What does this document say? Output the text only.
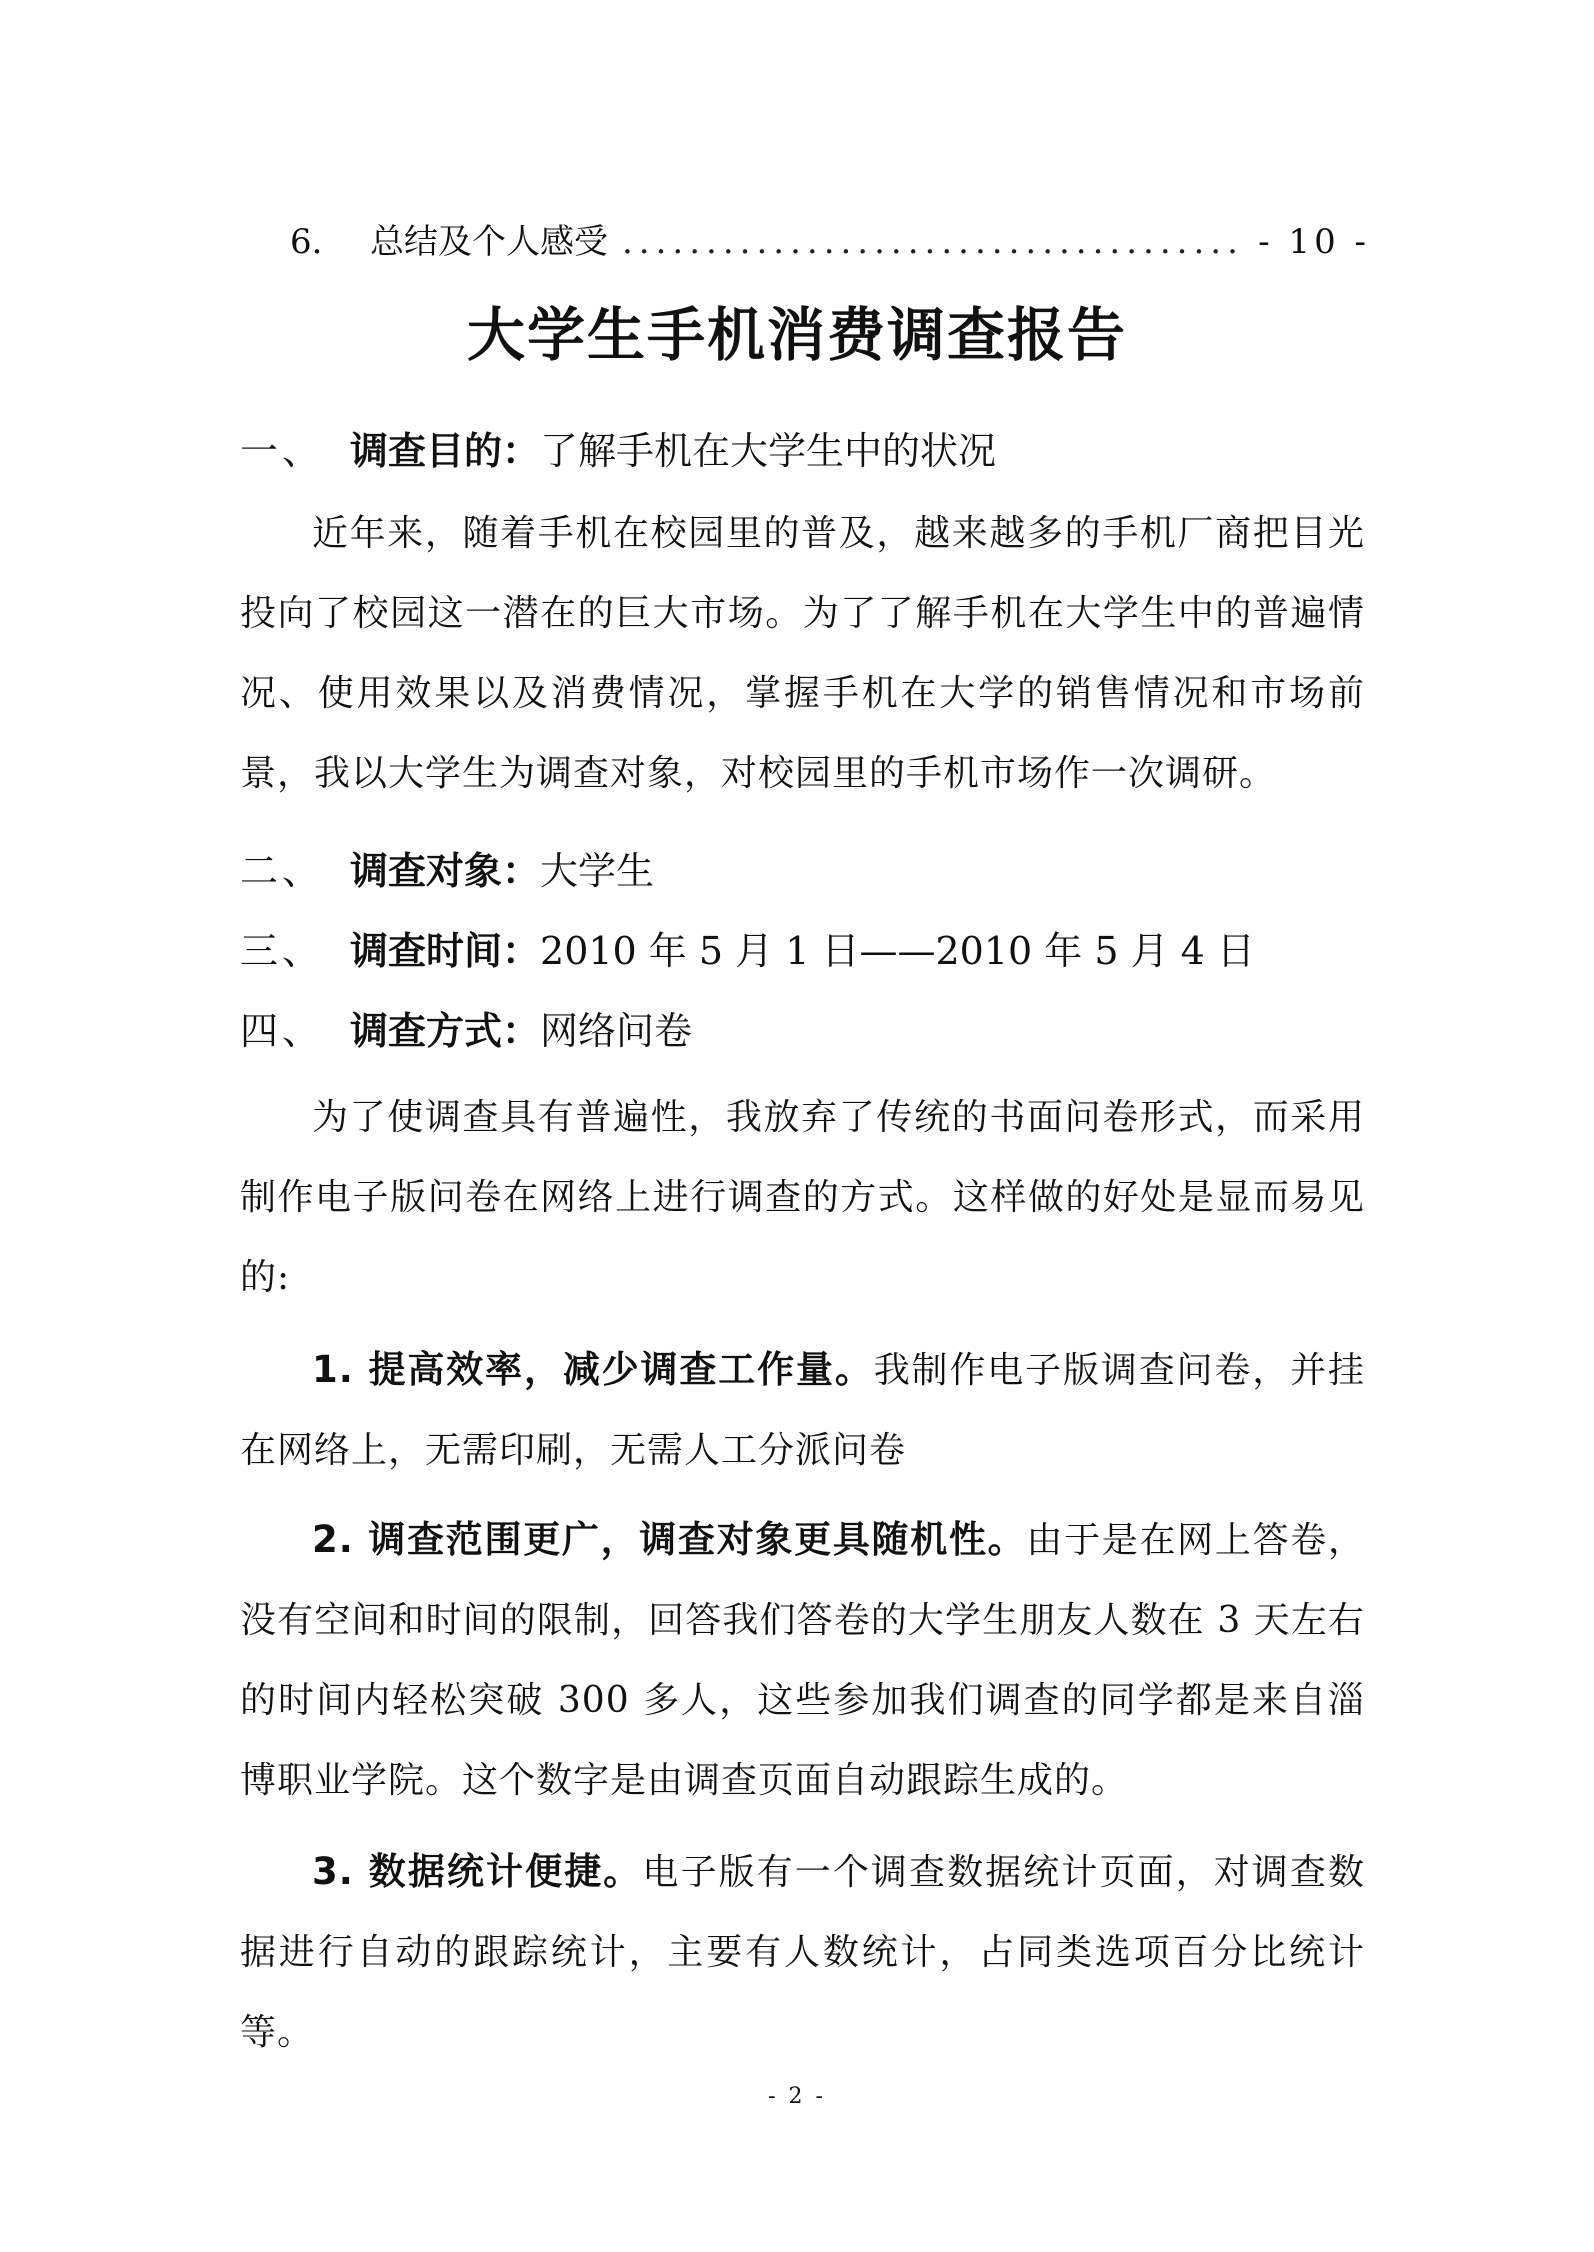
6.	总结及个人感受
.....	- 10 -
大学生手机消费调查报告
一、 调查目的： 了解手机在大学生中的状况

近年来，随着手机在校园里的普及，越来越多的手机厂商把目光投向了校园这一潜在的巨大市场。为了了解手机在大学生中的普遍情况、使用效果以及消费情况，掌握手机在大学的销售情况和市场前景，我以大学生为调查对象，对校园里的手机市场作一次调研。

二、 调查对象： 大学生
三、 调查时间： 2010 年 5 月 1 日——2010 年 5 月 4 日
四、 调查方式： 网络问卷

为了使调查具有普遍性，我放弃了传统的书面问卷形式，而采用制作电子版问卷在网络上进行调查的方式。这样做的好处是显而易见的:

1. 提高效率，减少调查工作量。我制作电子版调查问卷，并挂在网络上，无需印刷，无需人工分派问卷

2. 调查范围更广，调查对象更具随机性。由于是在网上答卷，没有空间和时间的限制，回答我们答卷的大学生朋友人数在 3 天左右的时间内轻松突破 300 多人，这些参加我们调查的同学都是来自淄博职业学院。这个数字是由调查页面自动跟踪生成的。

3. 数据统计便捷。电子版有一个调查数据统计页面，对调查数据进行自动的跟踪统计，主要有人数统计，占同类选项百分比统计等。

- 2 -
